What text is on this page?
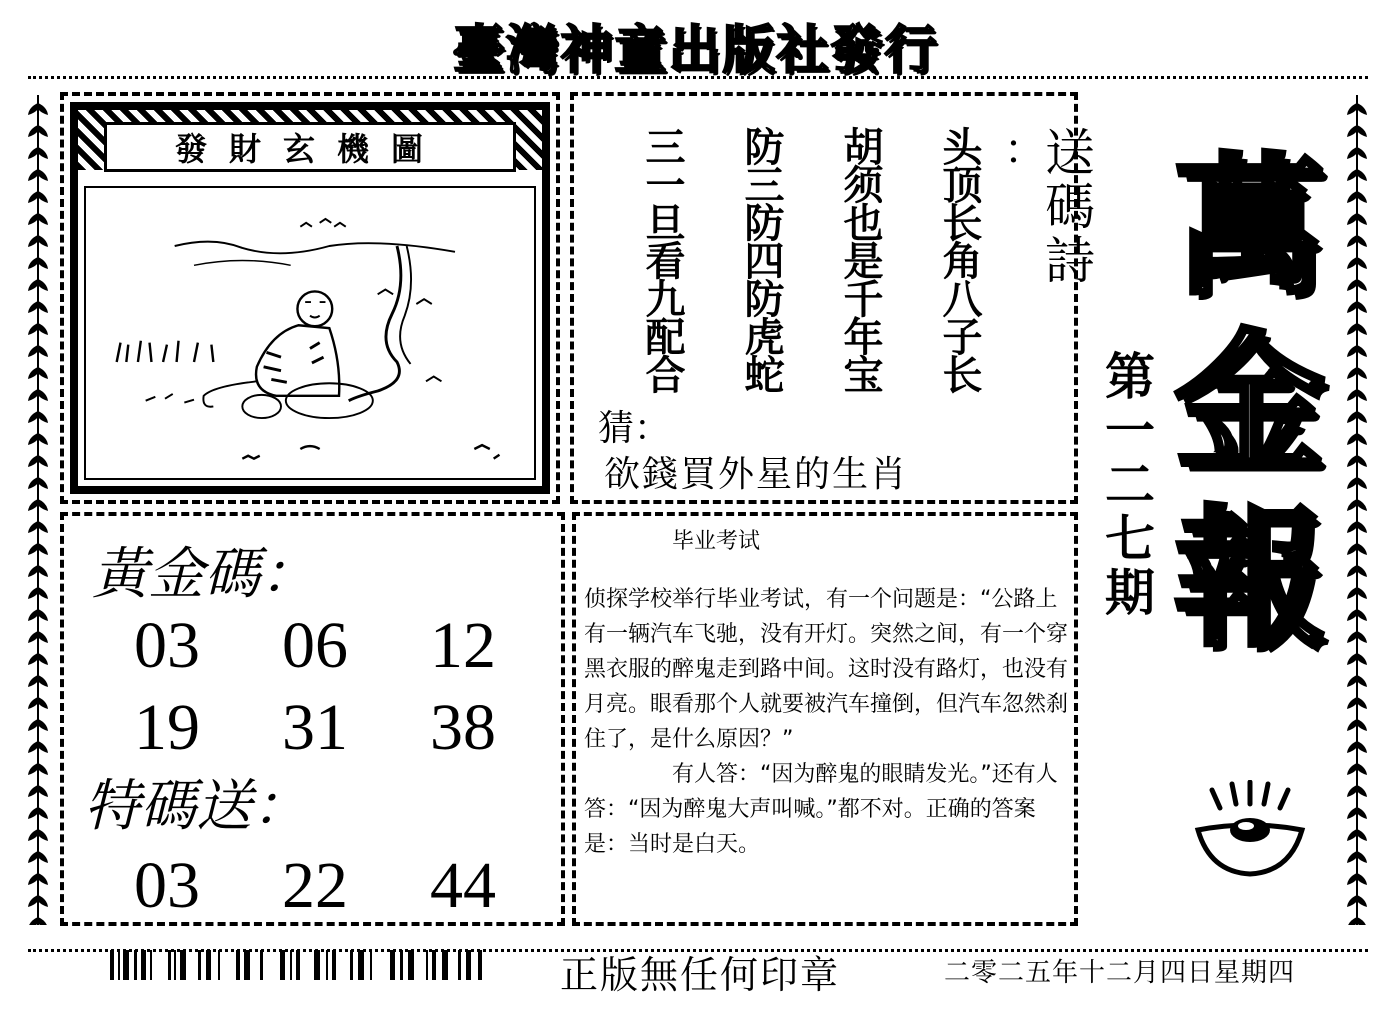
臺灣神童出版社發行
發財玄機圖	头顶长角八子长
胡须也是千年宝
防三防四防虎蛇
三一旦看九配合	送碼詩
：
猜：
欲錢買外星的生肖
黃金碼：
03	06	12
19	31	38
特碼送：
03	22	44
毕业考试

侦探学校举行毕业考试，有一个问题是：“公路上有一辆汽车飞驰，没有开灯。突然之间，有一个穿黑衣服的醉鬼走到路中间。这时没有路灯，也没有月亮。眼看那个人就要被汽车撞倒，但汽车忽然刹住了，是什么原因？”

有人答：“因为醉鬼的眼睛发光。”还有人答：“因为醉鬼大声叫喊。”都不对。正确的答案是：当时是白天。

第一二七期
萬
金
報
正版無任何印章	二零二五年十二月四日星期四
